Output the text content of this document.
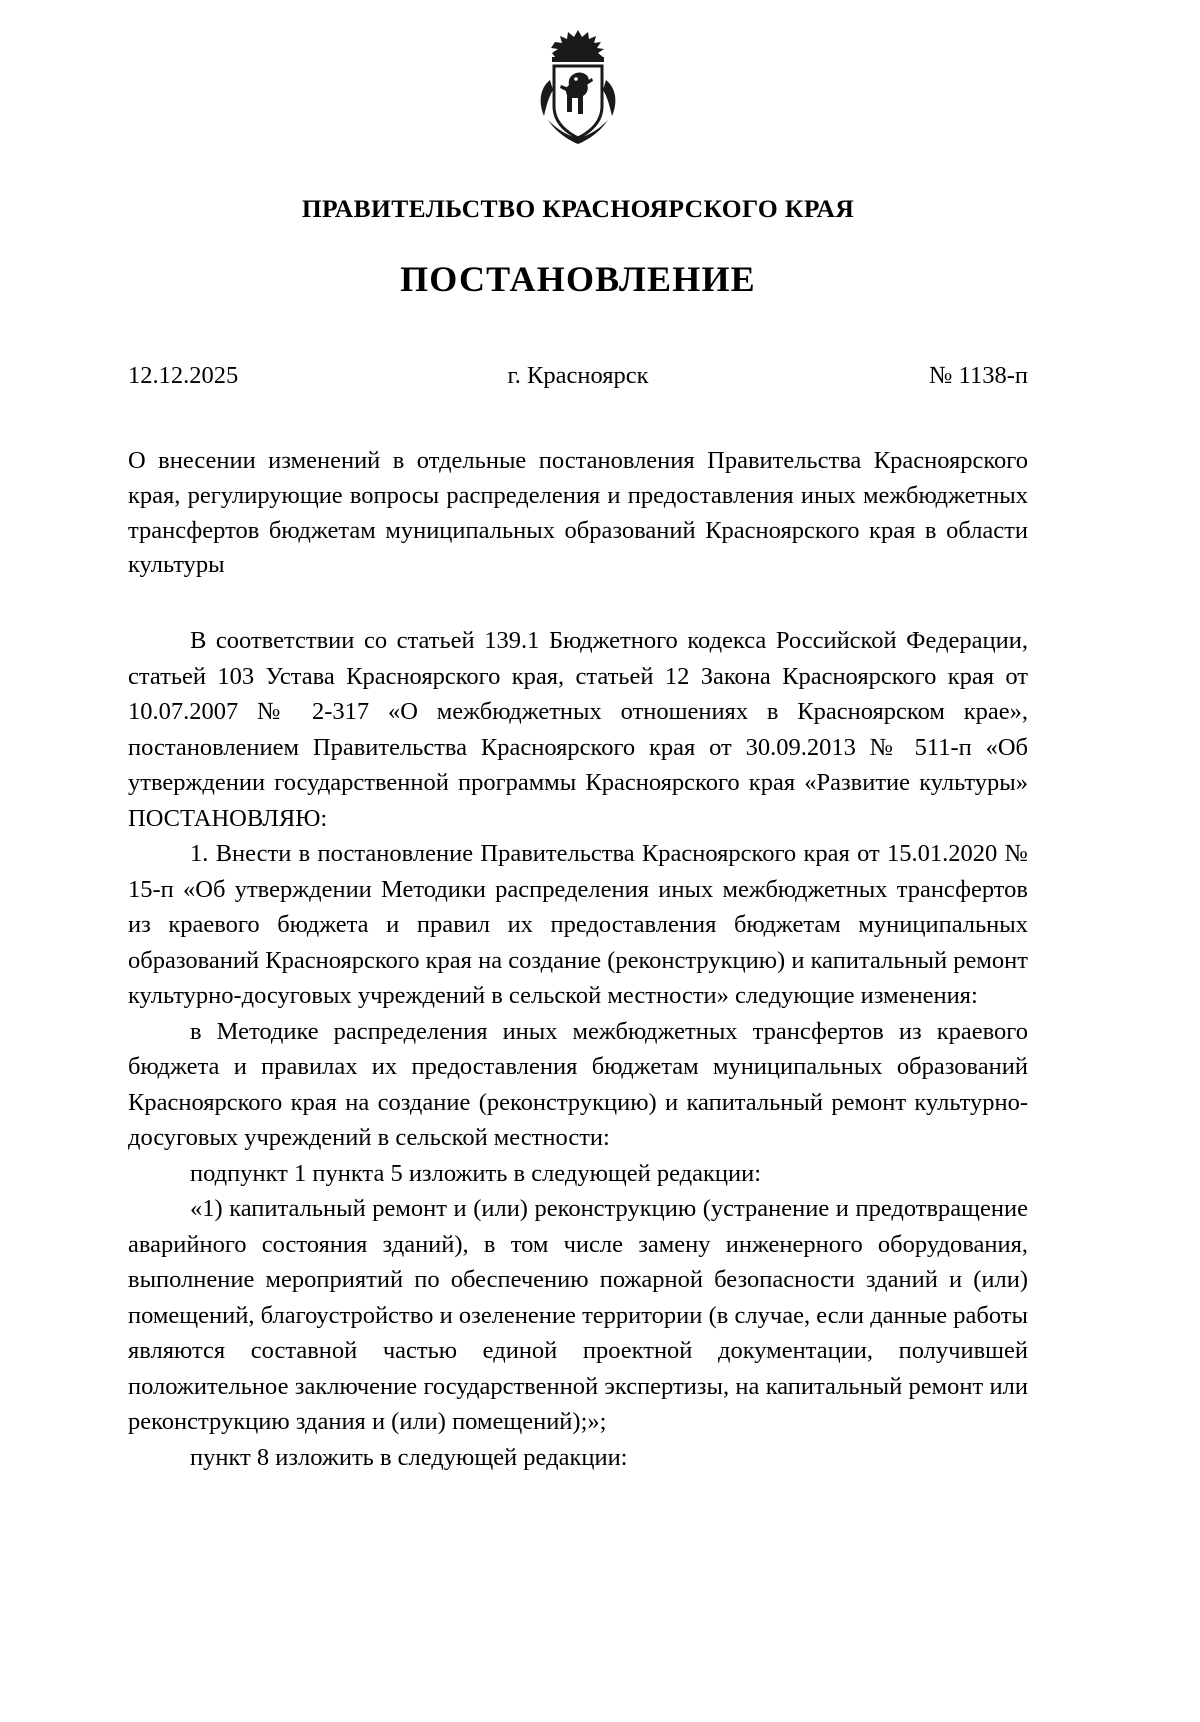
ПРАВИТЕЛЬСТВО КРАСНОЯРСКОГО КРАЯ
ПОСТАНОВЛЕНИЕ
12.12.2025	г. Красноярск	№ 1138-п
О внесении изменений в отдельные постановления Правительства Красноярского края, регулирующие вопросы распределения и предоставления иных межбюджетных трансфертов бюджетам муниципальных образований Красноярского края в области культуры

В соответствии со статьей 139.1 Бюджетного кодекса Российской Федерации, статьей 103 Устава Красноярского края, статьей 12 Закона Красноярского края от 10.07.2007 № 2-317 «О межбюджетных отношениях в Красноярском крае», постановлением Правительства Красноярского края от 30.09.2013 № 511-п «Об утверждении государственной программы Красноярского края «Развитие культуры» ПОСТАНОВЛЯЮ:

1. Внести в постановление Правительства Красноярского края от 15.01.2020 № 15-п «Об утверждении Методики распределения иных межбюджетных трансфертов из краевого бюджета и правил их предоставления бюджетам муниципальных образований Красноярского края на создание (реконструкцию) и капитальный ремонт культурно-досуговых учреждений в сельской местности» следующие изменения:

в Методике распределения иных межбюджетных трансфертов из краевого бюджета и правилах их предоставления бюджетам муниципальных образований Красноярского края на создание (реконструкцию) и капитальный ремонт культурно-досуговых учреждений в сельской местности:

подпункт 1 пункта 5 изложить в следующей редакции:

«1) капитальный ремонт и (или) реконструкцию (устранение и предотвращение аварийного состояния зданий), в том числе замену инженерного оборудования, выполнение мероприятий по обеспечению пожарной безопасности зданий и (или) помещений, благоустройство и озеленение территории (в случае, если данные работы являются составной частью единой проектной документации, получившей положительное заключение государственной экспертизы, на капитальный ремонт или реконструкцию здания и (или) помещений);»;

пункт 8 изложить в следующей редакции:
